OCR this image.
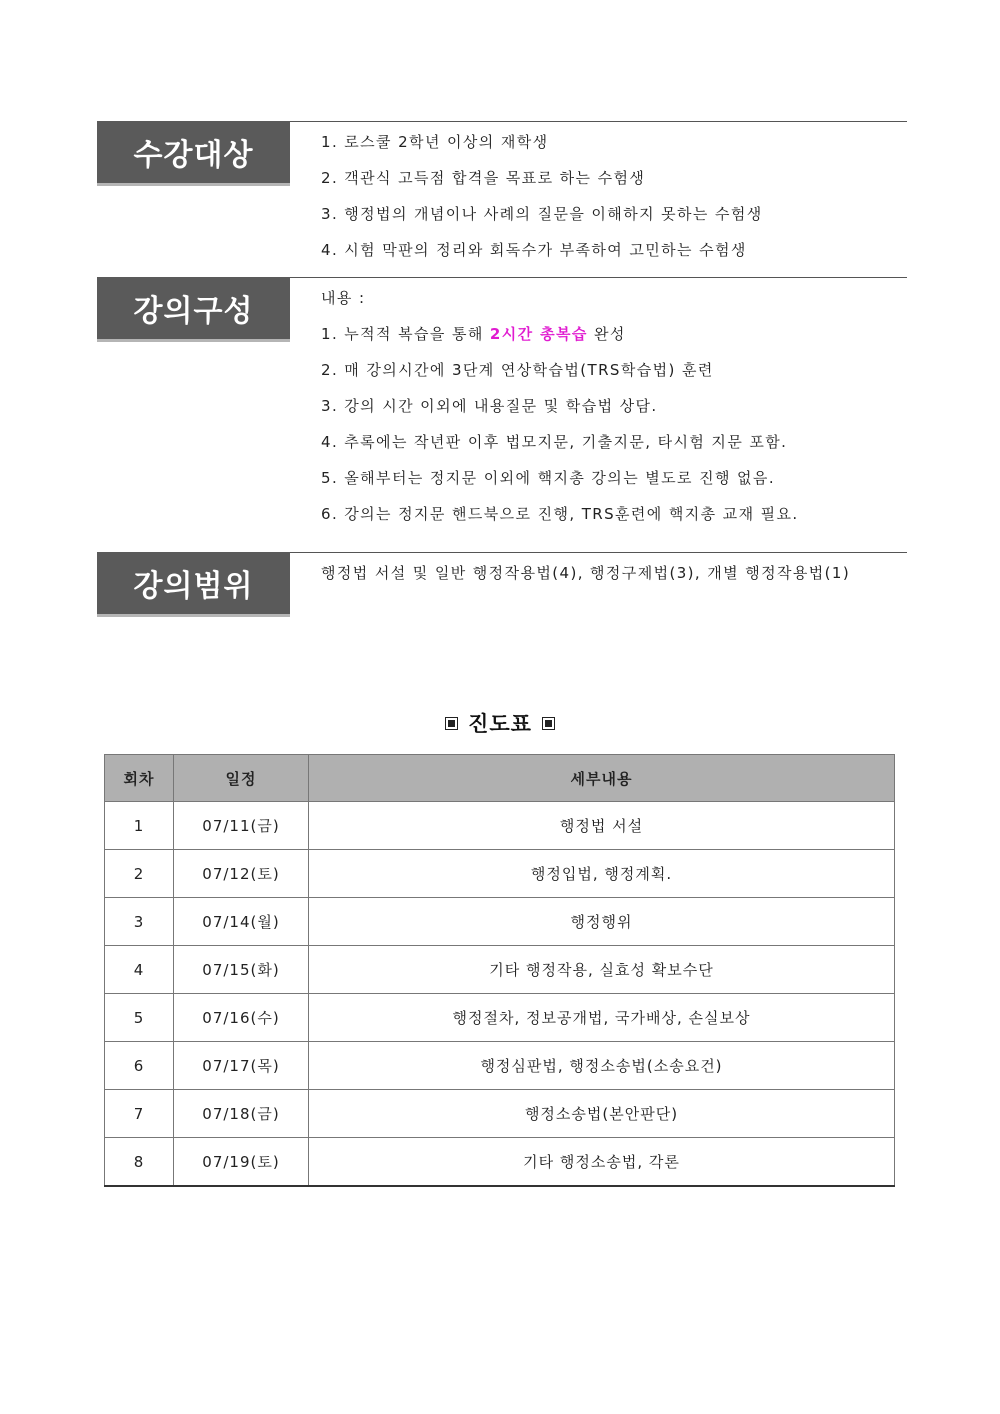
수강대상	1. 로스쿨 2학년 이상의 재학생
2. 객관식 고득점 합격을 목표로 하는 수험생
3. 행정법의 개념이나 사례의 질문을 이해하지 못하는 수험생
4. 시험 막판의 정리와 회독수가 부족하여 고민하는 수험생
강의구성	내용 :
1. 누적적 복습을 통해 2시간 총복습 완성
2. 매 강의시간에 3단계 연상학습법(TRS학습법) 훈련
3. 강의 시간 이외에 내용질문 및 학습법 상담.
4. 추록에는 작년판 이후 법모지문, 기출지문, 타시험 지문 포함.
5. 올해부터는 정지문 이외에 핵지총 강의는 별도로 진행 없음.
6. 강의는 정지문 핸드북으로 진행, TRS훈련에 핵지총 교재 필요.
강의범위	행정법 서설 및 일반 행정작용법(4), 행정구제법(3), 개별 행정작용법(1)
진도표
회차	일정	세부내용
1	07/11(금)	행정법 서설
2	07/12(토)	행정입법, 행정계획.
3	07/14(월)	행정행위
4	07/15(화)	기타 행정작용, 실효성 확보수단
5	07/16(수)	행정절차, 정보공개법, 국가배상, 손실보상
6	07/17(목)	행정심판법, 행정소송법(소송요건)
7	07/18(금)	행정소송법(본안판단)
8	07/19(토)	기타 행정소송법, 각론
